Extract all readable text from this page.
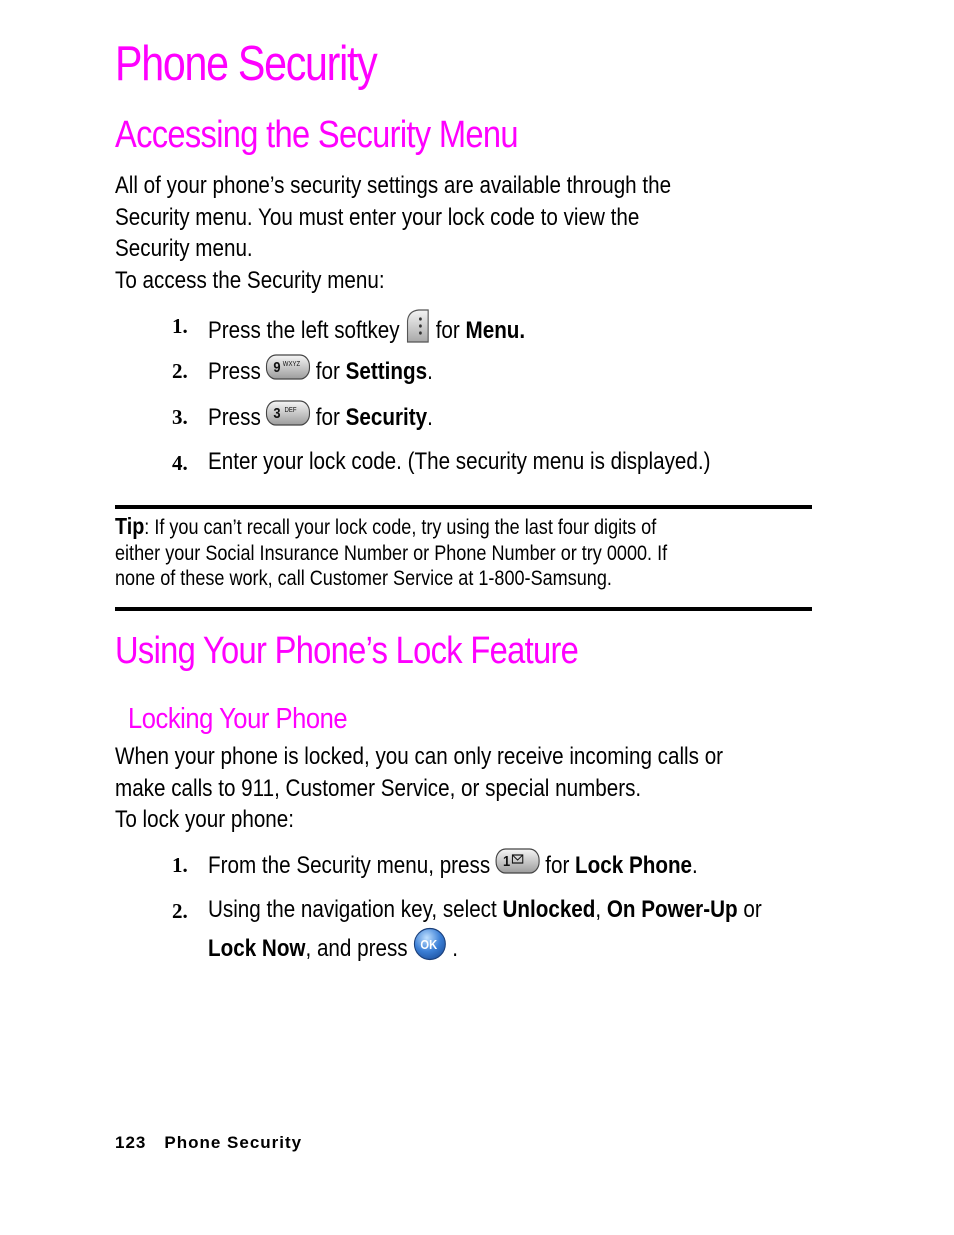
Phone Security
Accessing the Security Menu
All of your phone’s security settings are available through the
Security menu. You must enter your lock code to view the
Security menu.
To access the Security menu:
1. Press the left softkey for
Menu.
2. Press 9 WXYZ for
Settings .
3. Press 3 DEF for
Security .
4. Enter your lock code. (The security menu is displayed.)
Tip: If you can’t recall your lock code, try using the last four digits of
either your Social Insurance Number or Phone Number or try 0000. If
none of these work, call Customer Service at 1-800-Samsung.
Using Your Phone’s Lock Feature
Locking Your Phone
When your phone is locked, you can only receive incoming calls or
make calls to 911, Customer Service, or special numbers.
To lock your phone:
1. From the Security menu, press 1 for
Lock Phone .
2. Using the navigation key, select
Unlocked ,
On Power-Up
or
Lock Now , and press OK .
123 Phone Security
